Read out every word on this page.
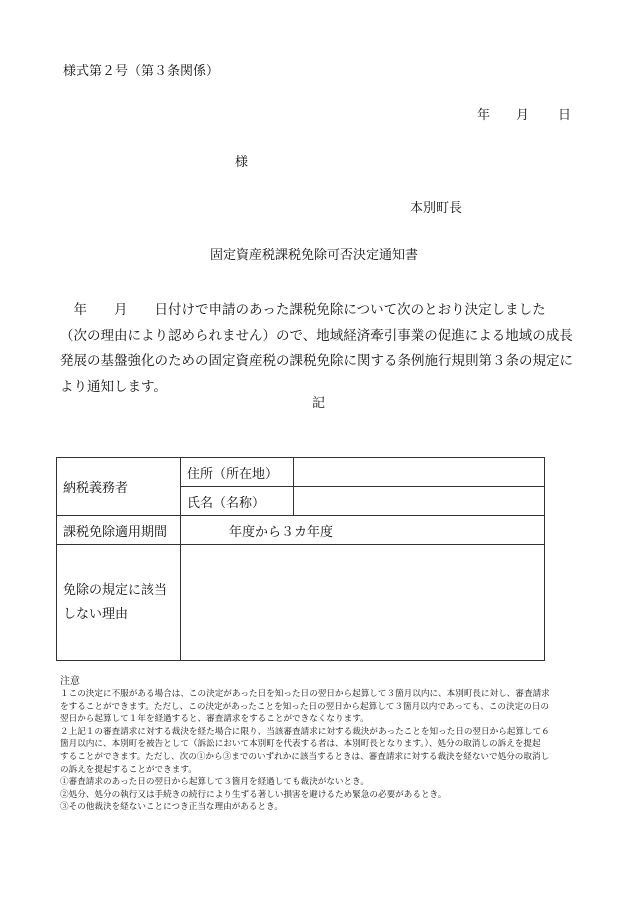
様式第２号（第３条関係）
年 月 日
様
本別町長
固定資産税課税免除可否決定通知書
　年　　月　　日付けで申請のあった課税免除について次のとおり決定しました
（次の理由により認められません）ので、地域経済牽引事業の促進による地域の成長
発展の基盤強化のための固定資産税の課税免除に関する条例施行規則第３条の規定に
より通知します。
記
納税義務者	住所（所在地）	
	氏名（名称）	
課税免除適用期間	年度から３カ年度	
免除の規定に該当
しない理由		
注意
１この決定に不服がある場合は、この決定があった日を知った日の翌日から起算して３箇月以内に、本別町長に対し、審査請求
をすることができます。ただし、この決定があったことを知った日の翌日から起算して３箇月以内であっても、この決定の日の
翌日から起算して１年を経過すると、審査請求をすることができなくなります。
２上記１の審査請求に対する裁決を経た場合に限り、当該審査請求に対する裁決があったことを知った日の翌日から起算して６
箇月以内に、本別町を被告として（訴訟において本別町を代表する者は、本別町長となります。）、処分の取消しの訴えを提起
することができます。ただし、次の①から③までのいずれかに該当するときは、審査請求に対する裁決を経ないで処分の取消し
の訴えを提起することができます。
①審査請求のあった日の翌日から起算して３箇月を経過しても裁決がないとき。
②処分、処分の執行又は手続きの続行により生ずる著しい損害を避けるため緊急の必要があるとき。
③その他裁決を経ないことにつき正当な理由があるとき。
